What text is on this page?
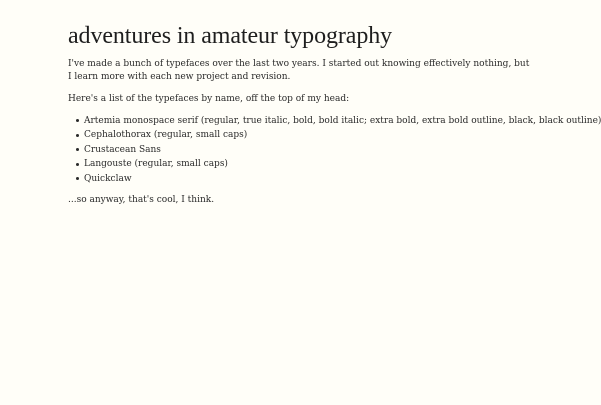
adventures in amateur typography

I've made a bunch of typefaces over the last two years. I started out knowing effectively nothing, but I learn more with each new project and revision.

Here's a list of the typefaces by name, off the top of my head:

Artemia monospace serif (regular, true italic, bold, bold italic; extra bold, extra bold outline, black, black outline)
Cephalothorax (regular, small caps)
Crustacean Sans
Langouste (regular, small caps)
Quickclaw

...so anyway, that's cool, I think.
